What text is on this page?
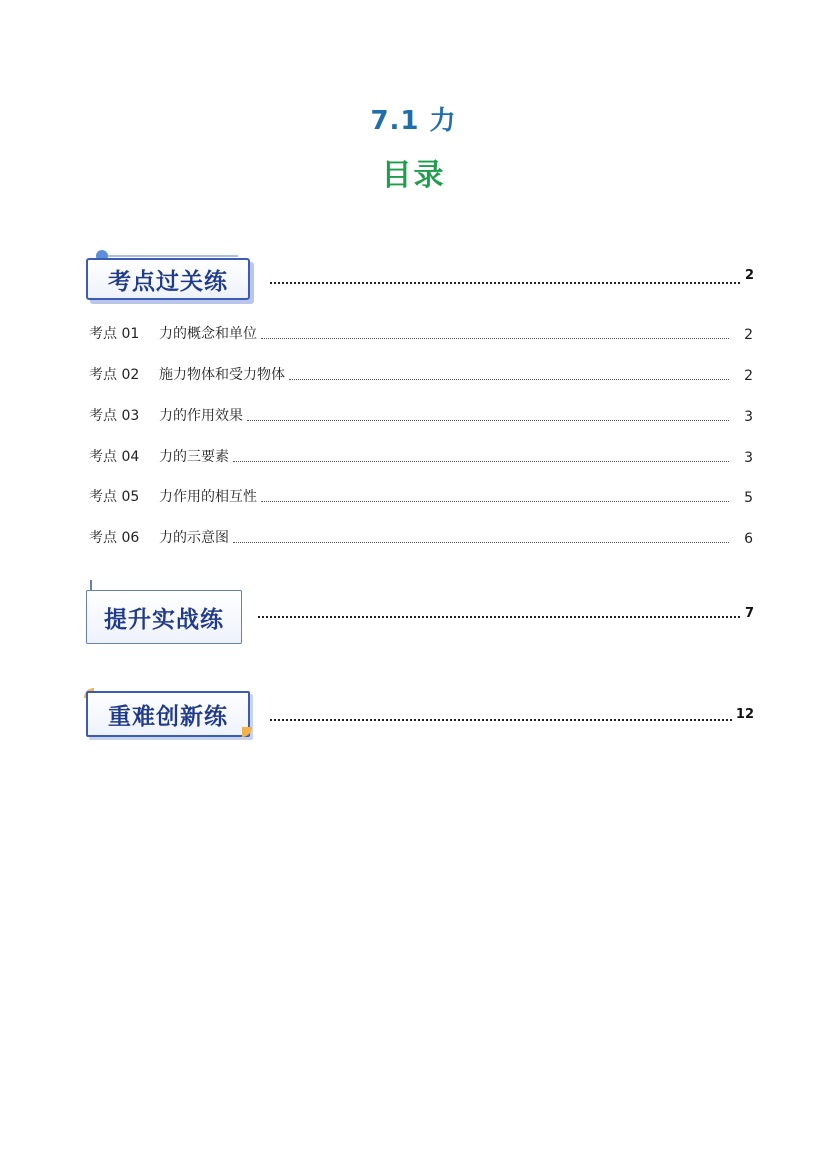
7.1 力
目录
考点过关练	2
考点 01	力的概念和单位	2
考点 02	施力物体和受力物体	2
考点 03	力的作用效果	3
考点 04	力的三要素	3
考点 05	力作用的相互性	5
考点 06	力的示意图	6
提升实战练	7
重难创新练	12
